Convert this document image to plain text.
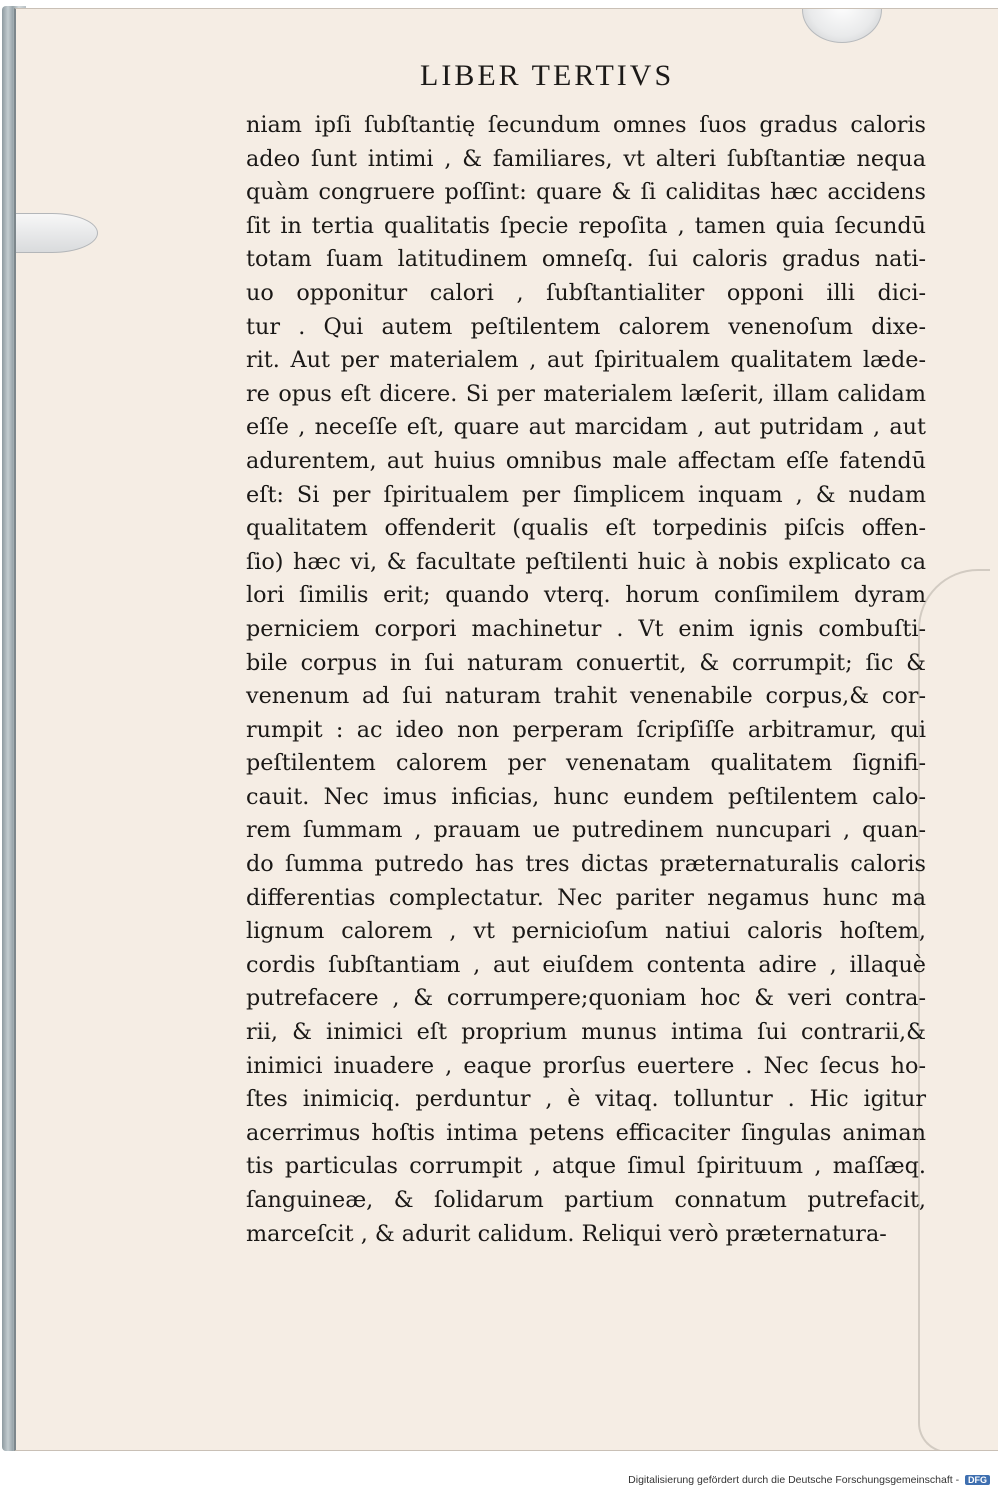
LIBER TERTIVS
niam ipſi ſubſtantię ſecundum omnes ſuos gradus caloris
adeo ſunt intimi , & familiares, vt alteri ſubſtantiæ nequa
quàm congruere poſſint: quare & ſi caliditas hæc accidens
ſit in tertia qualitatis ſpecie repoſita , tamen quia ſecundū
totam ſuam latitudinem omneſq. ſui caloris gradus nati-
uo opponitur calori , ſubſtantialiter opponi illi dici-
tur . Qui autem peſtilentem calorem venenoſum dixe-
rit. Aut per materialem , aut ſpiritualem qualitatem læde-
re opus eſt dicere. Si per materialem læſerit, illam calidam
eſſe , neceſſe eſt, quare aut marcidam , aut putridam , aut
adurentem, aut huius omnibus male affectam eſſe fatendū
eſt: Si per ſpiritualem per ſimplicem inquam , & nudam
qualitatem offenderit (qualis eſt torpedinis piſcis offen-
ſio) hæc vi, & facultate peſtilenti huic à nobis explicato ca
lori ſimilis erit; quando vterq. horum conſimilem dyram
perniciem corpori machinetur . Vt enim ignis combuſti-
bile corpus in ſui naturam conuertit, & corrumpit; ſic &
venenum ad ſui naturam trahit venenabile corpus,& cor-
rumpit : ac ideo non perperam ſcripſiſſe arbitramur, qui
peſtilentem calorem per venenatam qualitatem ſignifi-
cauit. Nec imus inficias, hunc eundem peſtilentem calo-
rem ſummam , prauam ue putredinem nuncupari , quan-
do ſumma putredo has tres dictas præternaturalis caloris
differentias complectatur. Nec pariter negamus hunc ma
lignum calorem , vt pernicioſum natiui caloris hoſtem,
cordis ſubſtantiam , aut eiuſdem contenta adire , illaquè
putrefacere , & corrumpere;quoniam hoc & veri contra-
rii, & inimici eſt proprium munus intima ſui contrarii,&
inimici inuadere , eaque prorſus euertere . Nec ſecus ho-
ſtes inimiciq. perduntur , è vitaq. tolluntur . Hic igitur
acerrimus hoſtis intima petens efficaciter ſingulas animan
tis particulas corrumpit , atque ſimul ſpirituum , maſſæq.
ſanguineæ, & ſolidarum partium connatum putrefacit,
marceſcit , & adurit calidum. Reliqui verò præternatura-
Digitalisierung gefördert durch die Deutsche Forschungsgemeinschaft - DFG
